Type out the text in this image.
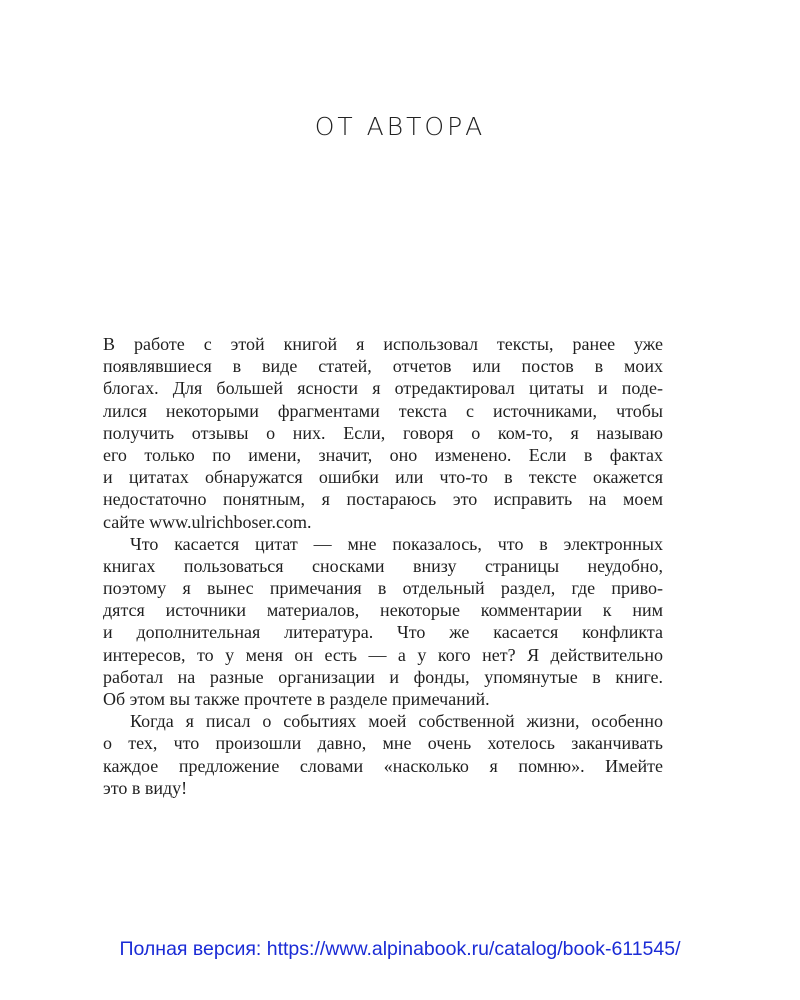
ОТ АВТОРА

В работе с этой книгой я использовал тексты, ранее уже
появлявшиеся в виде статей, отчетов или постов в моих
блогах. Для большей ясности я отредактировал цитаты и поде-
лился некоторыми фрагментами текста с источниками, чтобы
получить отзывы о них. Если, говоря о ком-то, я называю
его только по имени, значит, оно изменено. Если в фактах
и цитатах обнаружатся ошибки или что-то в тексте окажется
недостаточно понятным, я постараюсь это исправить на моем
сайте www.ulrichboser.com.

Что касается цитат — мне показалось, что в электронных
книгах пользоваться сносками внизу страницы неудобно,
поэтому я вынес примечания в отдельный раздел, где приво-
дятся источники материалов, некоторые комментарии к ним
и дополнительная литература. Что же касается конфликта
интересов, то у меня он есть — а у кого нет? Я действительно
работал на разные организации и фонды, упомянутые в книге.
Об этом вы также прочтете в разделе примечаний.

Когда я писал о событиях моей собственной жизни, особенно
о тех, что произошли давно, мне очень хотелось заканчивать
каждое предложение словами «насколько я помню». Имейте
это в виду!

Полная версия: https://www.alpinabook.ru/catalog/book-611545/
